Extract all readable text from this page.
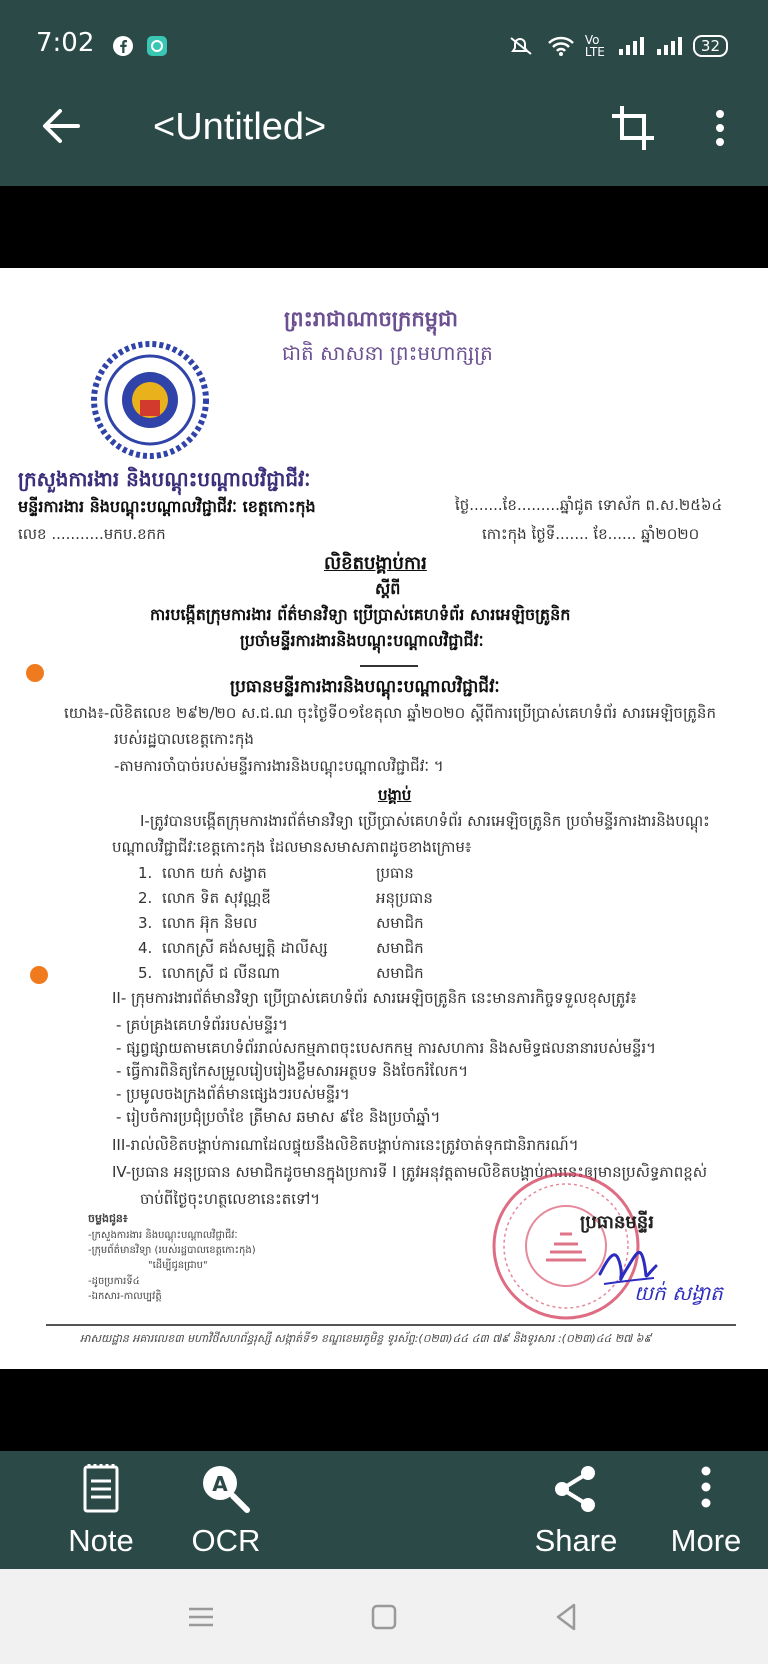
7:02	Vo LTE	32
<Untitled>
ព្រះរាជាណាចក្រកម្ពុជា
ជាតិ សាសនា ព្រះមហាក្សត្រ
ក្រសួងការងារ និងបណ្តុះបណ្តាលវិជ្ជាជីវៈ
មន្ទីរការងារ និងបណ្តុះបណ្តាលវិជ្ជាជីវៈ ខេត្តកោះកុង
លេខ ...........មកប.ខកក
ថ្ងៃ.......ខែ.........ឆ្នាំជូត ទោស័ក ព.ស.២៥៦៤
កោះកុង ថ្ងៃទី....... ខែ...... ឆ្នាំ២០២០
លិខិតបង្គាប់ការ
ស្តីពី
ការបង្កើតក្រុមការងារ ព័ត៌មានវិទ្យា ប្រើប្រាស់គេហទំព័រ សារអេឡិចត្រូនិក
ប្រចាំមន្ទីរការងារនិងបណ្តុះបណ្តាលវិជ្ជាជីវៈ
ប្រធានមន្ទីរការងារនិងបណ្តុះបណ្តាលវិជ្ជាជីវៈ
យោង៖-លិខិតលេខ ២៩២/២០ ស.ជ.ណ ចុះថ្ងៃទី០១ខែតុលា ឆ្នាំ២០២០ ស្តីពីការប្រើប្រាស់គេហទំព័រ សារអេឡិចត្រូនិក
របស់រដ្ឋបាលខេត្តកោះកុង
-តាមការចាំបាច់របស់មន្ទីរការងារនិងបណ្តុះបណ្តាលវិជ្ជាជីវៈ ។
បង្គាប់
I-ត្រូវបានបង្កើតក្រុមការងារព័ត៌មានវិទ្យា ប្រើប្រាស់គេហទំព័រ សារអេឡិចត្រូនិក ប្រចាំមន្ទីរការងារនិងបណ្តុះ
បណ្តាលវិជ្ជាជីវៈខេត្តកោះកុង ដែលមានសមាសភាពដូចខាងក្រោម៖
1. លោក យក់ សង្វាត	ប្រធាន
2. លោក ទិត សុវណ្ណឌី	អនុប្រធាន
3. លោក អ៊ុក និមល	សមាជិក
4. លោកស្រី គង់សម្បត្តិ ដាលីស្ស	សមាជិក
5. លោកស្រី ជ លីនណា	សមាជិក
II- ក្រុមការងារព័ត៌មានវិទ្យា ប្រើប្រាស់គេហទំព័រ សារអេឡិចត្រូនិក នេះមានភារកិច្ចទទួលខុសត្រូវ៖
- គ្រប់គ្រងគេហទំព័ររបស់មន្ទីរ។
- ផ្សព្វផ្សាយតាមគេហទំព័ររាល់សកម្មភាពចុះបេសកកម្ម ការសហការ និងសមិទ្ធផលនានារបស់មន្ទីរ។
- ធ្វើការពិនិត្យកែសម្រួលរៀបរៀងខ្លឹមសារអត្ថបទ និងចែករំលែក។
- ប្រមូលចងក្រងព័ត៌មានផ្សេងៗរបស់មន្ទីរ។
- រៀបចំការប្រជុំប្រចាំខែ ត្រីមាស ឆមាស ៩ខែ និងប្រចាំឆ្នាំ។
III-រាល់លិខិតបង្គាប់ការណាដែលផ្ទុយនឹងលិខិតបង្គាប់ការនេះត្រូវចាត់ទុកជានិរាករណ៍។
IV-ប្រធាន អនុប្រធាន សមាជិកដូចមានក្នុងប្រការទី I ត្រូវអនុវត្តតាមលិខិតបង្គាប់ការនេះឲ្យមានប្រសិទ្ធភាពខ្ពស់
ចាប់ពីថ្ងៃចុះហត្ថលេខានេះតទៅ។
ចម្លងជូន៖
-ក្រសួងការងារ និងបណ្តុះបណ្តាលវិជ្ជាជីវៈ
-ក្រុមព័ត៌មានវិទ្យា (របស់រដ្ឋបាលខេត្តកោះកុង)
"ដើម្បីជូនជ្រាប"
-ដូចប្រការទី៤
-ឯកសារ-កាលប្បវត្តិ
ប្រធានមន្ទីរ
យក់ សង្វាត
អាសយដ្ឋាន អគារលេខ៣ មហាវិថីសហព័ន្ធរុស្សី សង្កាត់ទី១ ខណ្ឌខេមរភូមិន្ទ ទូរស័ព្ទ:(០២៣)៤៤ ៤៣ ៧៩ និងទូរសារ :(០២៣)៤៤ ២៧ ៦៩
Note
A
OCR	Share	More
